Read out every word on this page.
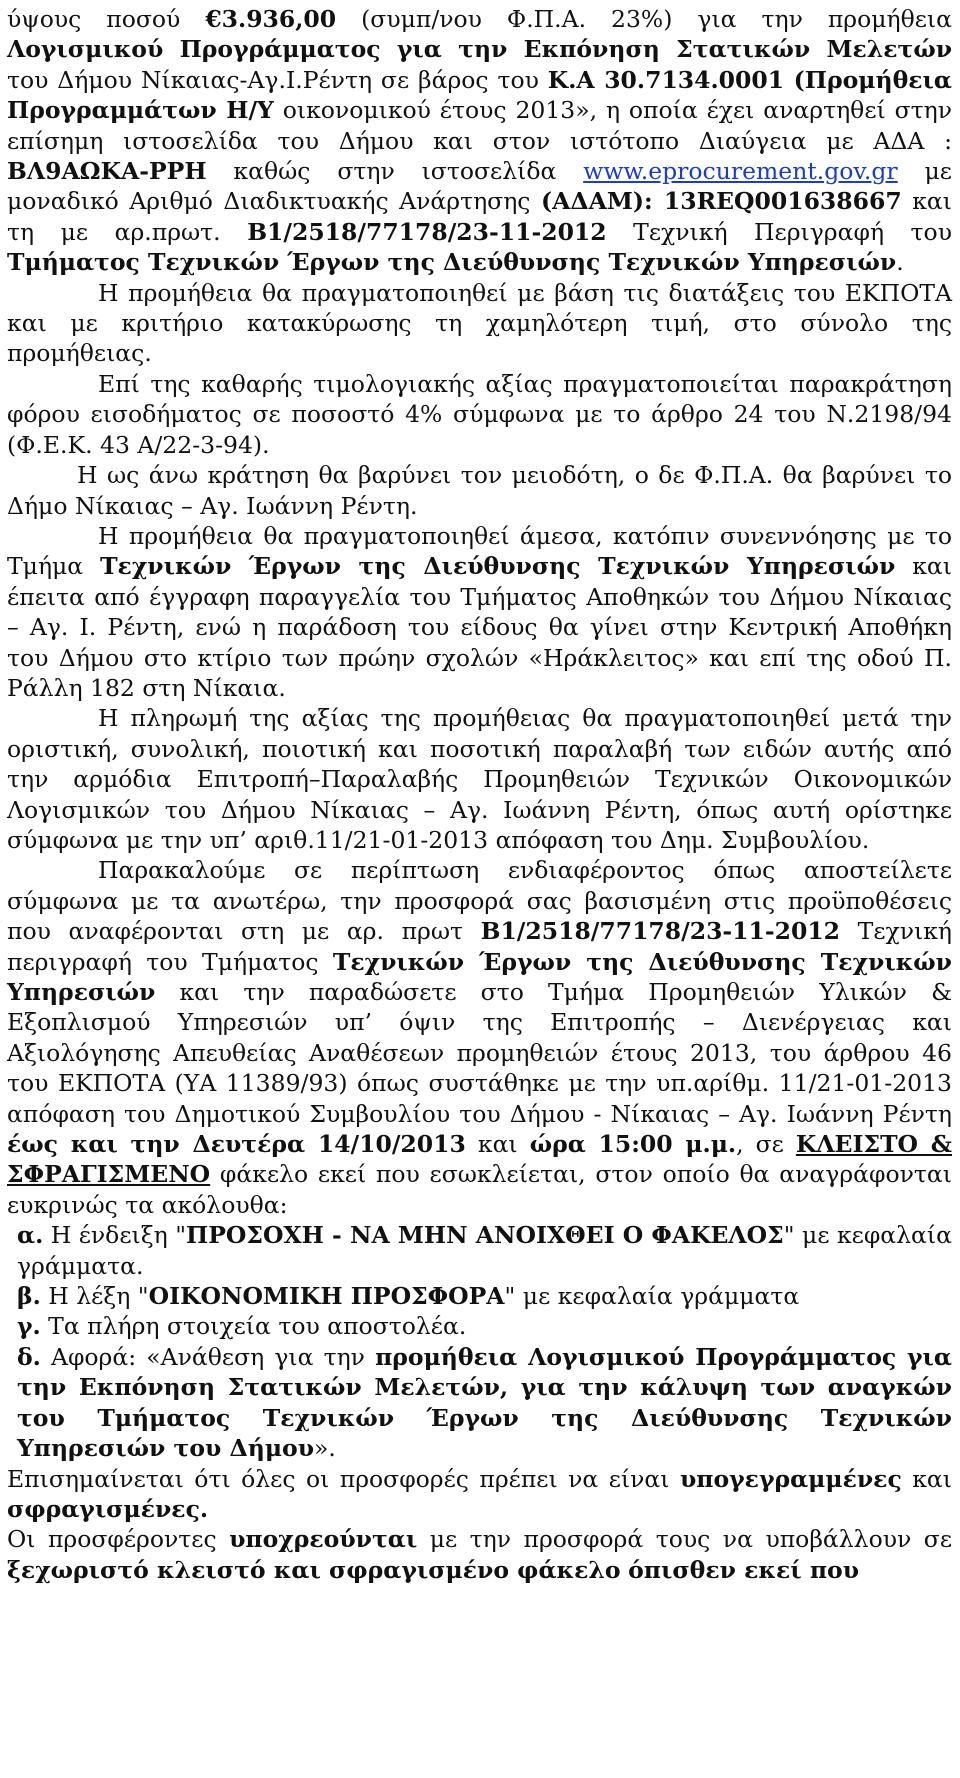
ύψους ποσού €3.936,00 (συμπ/νου Φ.Π.Α. 23%) για την προμήθεια Λογισμικού Προγράμματος για την Εκπόνηση Στατικών Μελετών του Δήμου Νίκαιας-Αγ.Ι.Ρέντη σε βάρος του Κ.Α 30.7134.0001 (Προμήθεια Προγραμμάτων Η/Υ οικονομικού έτους 2013», η οποία έχει αναρτηθεί στην επίσημη ιστοσελίδα του Δήμου και στον ιστότοπο Διαύγεια με ΑΔΑ : ΒΛ9ΑΩΚΑ-ΡΡΗ καθώς στην ιστοσελίδα www.eprocurement.gov.gr με μοναδικό Αριθμό Διαδικτυακής Ανάρτησης (ΑΔΑΜ): 13REQ001638667 και τη με αρ.πρωτ. Β1/2518/77178/23-11-2012 Τεχνική Περιγραφή του Τμήματος Τεχνικών Έργων της Διεύθυνσης Τεχνικών Υπηρεσιών.

Η προμήθεια θα πραγματοποιηθεί με βάση τις διατάξεις του ΕΚΠΟΤΑ και με κριτήριο κατακύρωσης τη χαμηλότερη τιμή, στο σύνολο της προμήθειας.

Επί της καθαρής τιμολογιακής αξίας πραγματοποιείται παρακράτηση φόρου εισοδήματος σε ποσοστό 4% σύμφωνα με το άρθρο 24 του Ν.2198/94 (Φ.Ε.Κ. 43 Α/22-3-94).

Η ως άνω κράτηση θα βαρύνει τον μειοδότη, ο δε Φ.Π.Α. θα βαρύνει το Δήμο Νίκαιας – Αγ. Ιωάννη Ρέντη.

Η προμήθεια θα πραγματοποιηθεί άμεσα, κατόπιν συνεννόησης με το Τμήμα Τεχνικών Έργων της Διεύθυνσης Τεχνικών Υπηρεσιών και έπειτα από έγγραφη παραγγελία του Τμήματος Αποθηκών του Δήμου Νίκαιας – Αγ. Ι. Ρέντη, ενώ η παράδοση του είδους θα γίνει στην Κεντρική Αποθήκη του Δήμου στο κτίριο των πρώην σχολών «Ηράκλειτος» και επί της οδού Π. Ράλλη 182 στη Νίκαια.

Η πληρωμή της αξίας της προμήθειας θα πραγματοποιηθεί μετά την οριστική, συνολική, ποιοτική και ποσοτική παραλαβή των ειδών αυτής από την αρμόδια Επιτροπή–Παραλαβής Προμηθειών Τεχνικών Οικονομικών Λογισμικών του Δήμου Νίκαιας – Αγ. Ιωάννη Ρέντη, όπως αυτή ορίστηκε σύμφωνα με την υπ’ αριθ.11/21-01-2013 απόφαση του Δημ. Συμβουλίου.

Παρακαλούμε σε περίπτωση ενδιαφέροντος όπως αποστείλετε σύμφωνα με τα ανωτέρω, την προσφορά σας βασισμένη στις προϋποθέσεις που αναφέρονται στη με αρ. πρωτ Β1/2518/77178/23-11-2012 Τεχνική περιγραφή του Τμήματος Τεχνικών Έργων της Διεύθυνσης Τεχνικών Υπηρεσιών και την παραδώσετε στο Τμήμα Προμηθειών Υλικών & Εξοπλισμού Υπηρεσιών υπ’ όψιν της Επιτροπής – Διενέργειας και Αξιολόγησης Απευθείας Αναθέσεων προμηθειών έτους 2013, του άρθρου 46 του ΕΚΠΟΤΑ (ΥΑ 11389/93) όπως συστάθηκε με την υπ.αρίθμ. 11/21-01-2013 απόφαση του Δημοτικού Συμβουλίου του Δήμου - Νίκαιας – Αγ. Ιωάννη Ρέντη έως και την Δευτέρα 14/10/2013 και ώρα 15:00 μ.μ., σε ΚΛΕΙΣΤΟ & ΣΦΡΑΓΙΣΜΕΝΟ φάκελο εκεί που εσωκλείεται, στον οποίο θα αναγράφονται ευκρινώς τα ακόλουθα:

α. Η ένδειξη "ΠΡΟΣΟΧΗ - ΝΑ ΜΗΝ ΑΝΟΙΧΘΕΙ Ο ΦΑΚΕΛΟΣ" με κεφαλαία γράμματα.

β. Η λέξη "ΟΙΚΟΝΟΜΙΚΗ ΠΡΟΣΦΟΡΑ" με κεφαλαία γράμματα

γ. Τα πλήρη στοιχεία του αποστολέα.

δ. Αφορά: «Ανάθεση για την προμήθεια Λογισμικού Προγράμματος για την Εκπόνηση Στατικών Μελετών, για την κάλυψη των αναγκών του Τμήματος Τεχνικών Έργων της Διεύθυνσης Τεχνικών Υπηρεσιών του Δήμου».

Επισημαίνεται ότι όλες οι προσφορές πρέπει να είναι υπογεγραμμένες και σφραγισμένες.

Οι προσφέροντες υποχρεούνται με την προσφορά τους να υποβάλλουν σε ξεχωριστό κλειστό και σφραγισμένο φάκελο όπισθεν εκεί που
